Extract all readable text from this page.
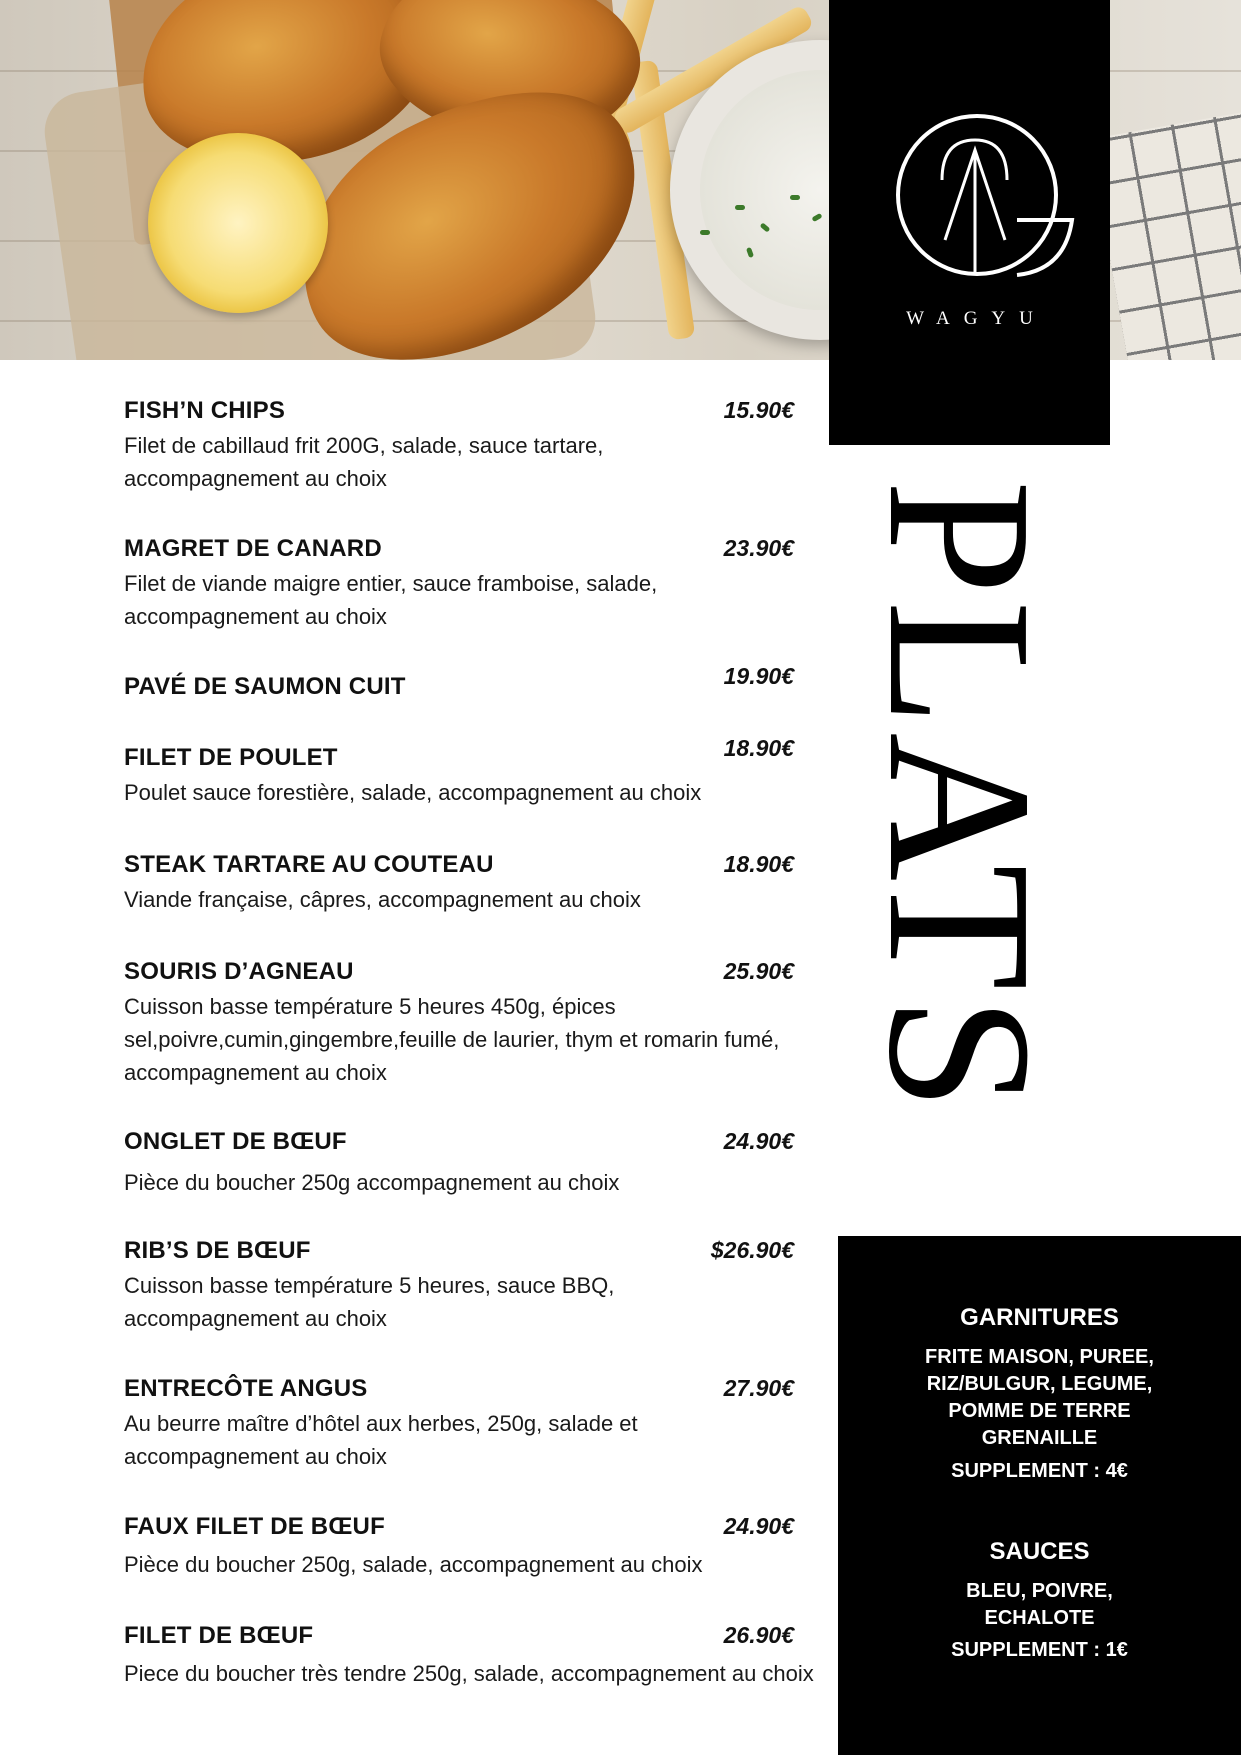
WAGYU
PLATS
FISH’N CHIPS	15.90€
Filet de cabillaud frit 200G, salade, sauce tartare, accompagnement au choix
MAGRET DE CANARD	23.90€
Filet de viande maigre entier, sauce framboise, salade, accompagnement au choix
PAVÉ DE SAUMON CUIT	19.90€
FILET DE POULET	18.90€
Poulet sauce forestière, salade, accompagnement au choix
STEAK TARTARE AU COUTEAU	18.90€
Viande française, câpres, accompagnement au choix
SOURIS D’AGNEAU	25.90€
Cuisson basse température 5 heures 450g, épices sel,poivre,cumin,gingembre,feuille de laurier, thym et romarin fumé, accompagnement au choix
ONGLET DE BŒUF	24.90€
Pièce du boucher 250g accompagnement au choix
RIB’S DE BŒUF	$26.90€
Cuisson basse température 5 heures, sauce BBQ, accompagnement au choix
ENTRECÔTE ANGUS	27.90€
Au beurre maître d’hôtel aux herbes, 250g, salade et accompagnement au choix
FAUX FILET DE BŒUF	24.90€
Pièce du boucher 250g, salade, accompagnement au choix
FILET DE BŒUF	26.90€
Piece du boucher très tendre 250g, salade, accompagnement au choix
GARNITURES
FRITE MAISON, PUREE,
RIZ/BULGUR, LEGUME,
POMME DE TERRE
GRENAILLE
SUPPLEMENT : 4€
SAUCES
BLEU, POIVRE,
ECHALOTE
SUPPLEMENT : 1€
